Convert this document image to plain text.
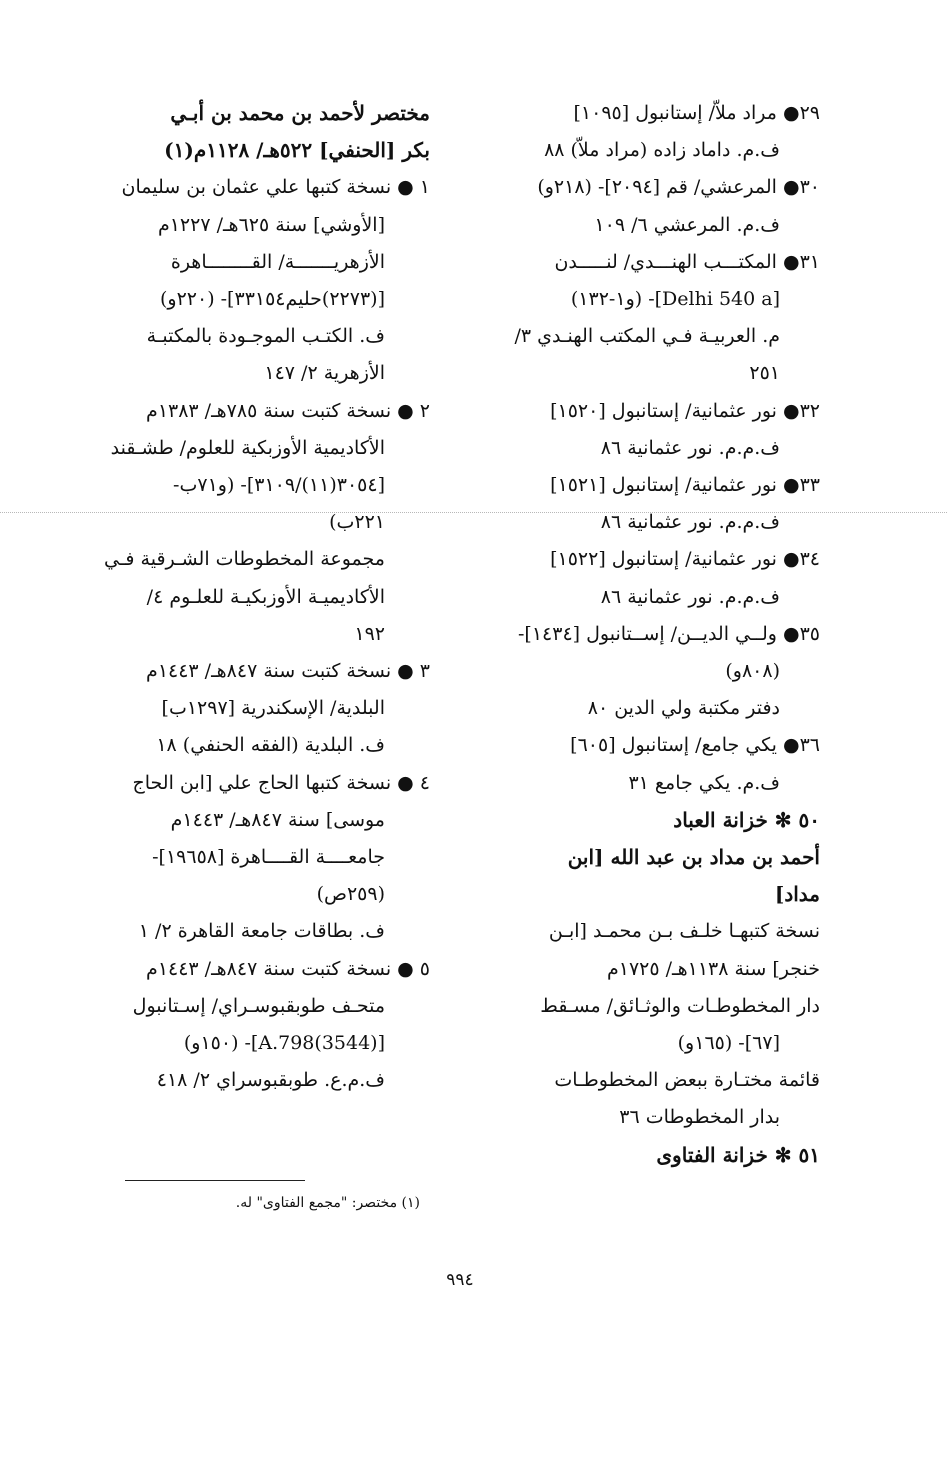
٢٩● مراد ملاّ/ إستانبول [١٠٩٥]
ف.م. داماد زاده (مراد ملاّ) ٨٨
٣٠● المرعشي/ قم [٢٠٩٤]- (٢١٨و)
ف.م. المرعشي ٦/ ١٠٩
٣١● المكتـــب الهنـــدي/ لنـــــدن
[Delhi 540 a]- (و١-١٣٢)
م. العربيـة فـي المكتب الهنـدي ٣/
٢٥١
٣٢● نور عثمانية/ إستانبول [١٥٢٠]
ف.م.م. نور عثمانية ٨٦
٣٣● نور عثمانية/ إستانبول [١٥٢١]
ف.م.م. نور عثمانية ٨٦
٣٤● نور عثمانية/ إستانبول [١٥٢٢]
ف.م.م. نور عثمانية ٨٦
٣٥● ولــي الديــن/ إســتانبول [١٤٣٤]-
(٨٠٨و)
دفتر مكتبة ولي الدين ٨٠
٣٦● يكي جامع/ إستانبول [٦٠٥]
ف.م. يكي جامع ٣١
٥٠ ✻ خزانة العباد
أحمد بن مداد بن عبد الله [ابن
مداد]
نسخة كتبهـا خلـف بـن محمـد [ابـن
خنجر] سنة ١١٣٨هـ/ ١٧٢٥م
دار المخطوطـات والوثـائق/ مسـقط
[٦٧]- (١٦٥و)
قائمة مختـارة ببعض المخطوطـات
بدار المخطوطات ٣٦
٥١ ✻ خزانة الفتاوى
مختصر لأحمد بن محمد بن أبـي
بكر [الحنفي] ٥٢٢هـ/ ١١٢٨م(١)
١ ● نسخة كتبها علي عثمان بن سليمان
[الأوشي] سنة ٦٢٥هـ/ ١٢٢٧م
الأزهريـــــــة/ القــــــــاهرة
[(٢٢٧٣)حليم٣٣١٥٤]- (٢٢٠و)
ف. الكتـب الموجـودة بالمكتبـة
الأزهرية ٢/ ١٤٧
٢ ● نسخة كتبت سنة ٧٨٥هـ/ ١٣٨٣م
الأكاديمية الأوزبكية للعلوم/ طشـقند
[٣٠٥٤(١١)/٣١٠٩]- (و٧١ب-
٢٢١ب)
مجموعة المخطوطات الشـرقية فـي
الأكاديميـة الأوزبكيـة للعلـوم ٤/
١٩٢
٣ ● نسخة كتبت سنة ٨٤٧هـ/ ١٤٤٣م
البلدية/ الإسكندرية [١٢٩٧ب]
ف. البلدية (الفقه الحنفي) ١٨
٤ ● نسخة كتبها الحاج علي [ابن الحاج
موسى] سنة ٨٤٧هـ/ ١٤٤٣م
جامعــــة القــــاهرة [١٩٦٥٨]-
(٢٥٩ص)
ف. بطاقات جامعة القاهرة ٢/ ١
٥ ● نسخة كتبت سنة ٨٤٧هـ/ ١٤٤٣م
متحـف طوبقبوسـراي/ إسـتانبول
[(3544)A.798]- (١٥٠و)
ف.م.ع. طوبقبوسراي ٢/ ٤١٨
(١) مختصر: "مجمع الفتاوى" له.
٩٩٤
